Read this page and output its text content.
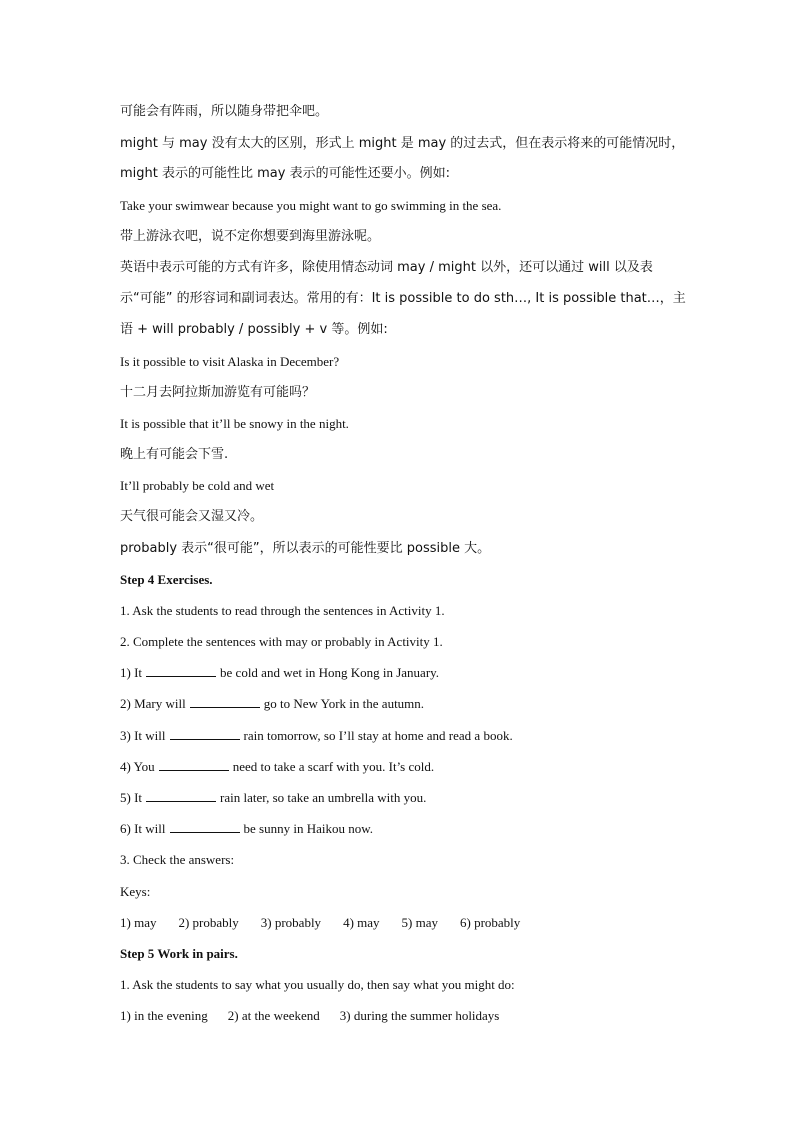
可能会有阵雨，所以随身带把伞吧。
might 与 may 没有太大的区别，形式上 might 是 may 的过去式，但在表示将来的可能情况时，
might 表示的可能性比 may 表示的可能性还要小。例如:
Take your swimwear because you might want to go swimming in the sea.
带上游泳衣吧，说不定你想要到海里游泳呢。
英语中表示可能的方式有许多，除使用情态动词 may / might 以外，还可以通过 will 以及表
示“可能” 的形容词和副词表达。常用的有：It is possible to do sth…, It is possible that…，主
语 + will probably / possibly + v 等。例如:
Is it possible to visit Alaska in December?
十二月去阿拉斯加游览有可能吗？
It is possible that it’ll be snowy in the night.
晚上有可能会下雪.
It’ll probably be cold and wet
天气很可能会又湿又冷。
probably 表示“很可能”，所以表示的可能性要比 possible 大。
Step 4 Exercises.
1. Ask the students to read through the sentences in Activity 1.
2. Complete the sentences with may or probably in Activity 1.
1) It	be cold and wet in Hong Kong in January.
2) Mary will	go to New York in the autumn.
3) It will	rain tomorrow, so I’ll stay at home and read a book.
4) You	need to take a scarf with you. It’s cold.
5) It	rain later, so take an umbrella with you.
6) It will	be sunny in Haikou now.
3. Check the answers:
Keys:
1) may 2) probably 3) probably 4) may 5) may 6) probably
Step 5 Work in pairs.
1. Ask the students to say what you usually do, then say what you might do:
1) in the evening 2) at the weekend 3) during the summer holidays
